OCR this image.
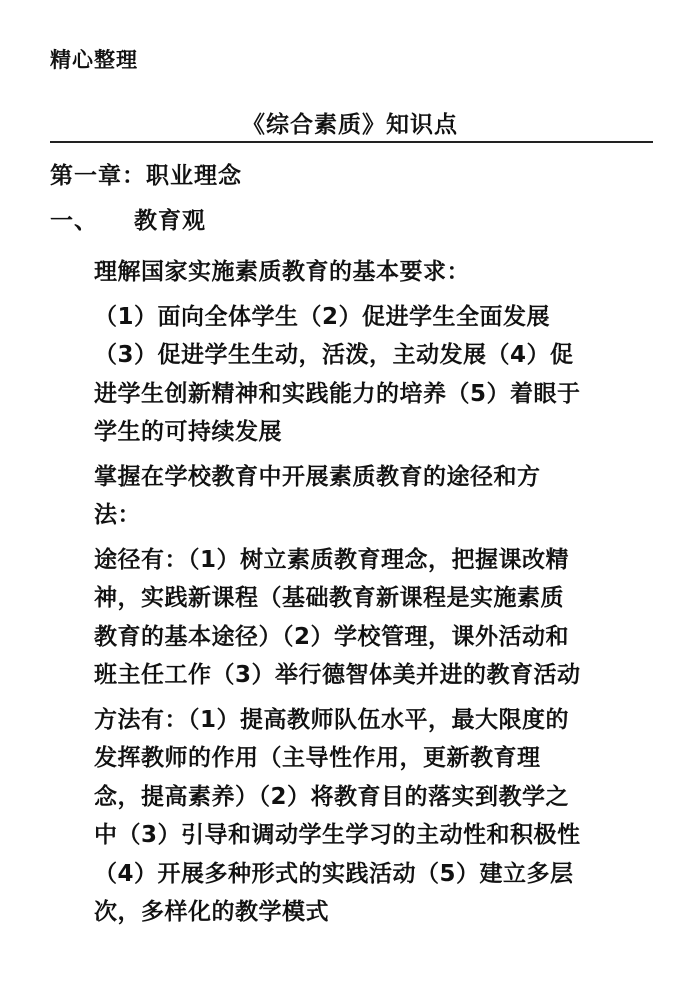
精心整理
《综合素质》知识点
第一章：职业理念
一、 教育观
理解国家实施素质教育的基本要求：
（1）面向全体学生（2）促进学生全面发展
（3）促进学生生动，活泼，主动发展（4）促
进学生创新精神和实践能力的培养（5）着眼于
学生的可持续发展
掌握在学校教育中开展素质教育的途径和方
法：
途径有：（1）树立素质教育理念，把握课改精
神，实践新课程（基础教育新课程是实施素质
教育的基本途径）（2）学校管理，课外活动和
班主任工作（3）举行德智体美并进的教育活动
方法有：（1）提高教师队伍水平，最大限度的
发挥教师的作用（主导性作用，更新教育理
念，提高素养）（2）将教育目的落实到教学之
中（3）引导和调动学生学习的主动性和积极性
（4）开展多种形式的实践活动（5）建立多层
次，多样化的教学模式
